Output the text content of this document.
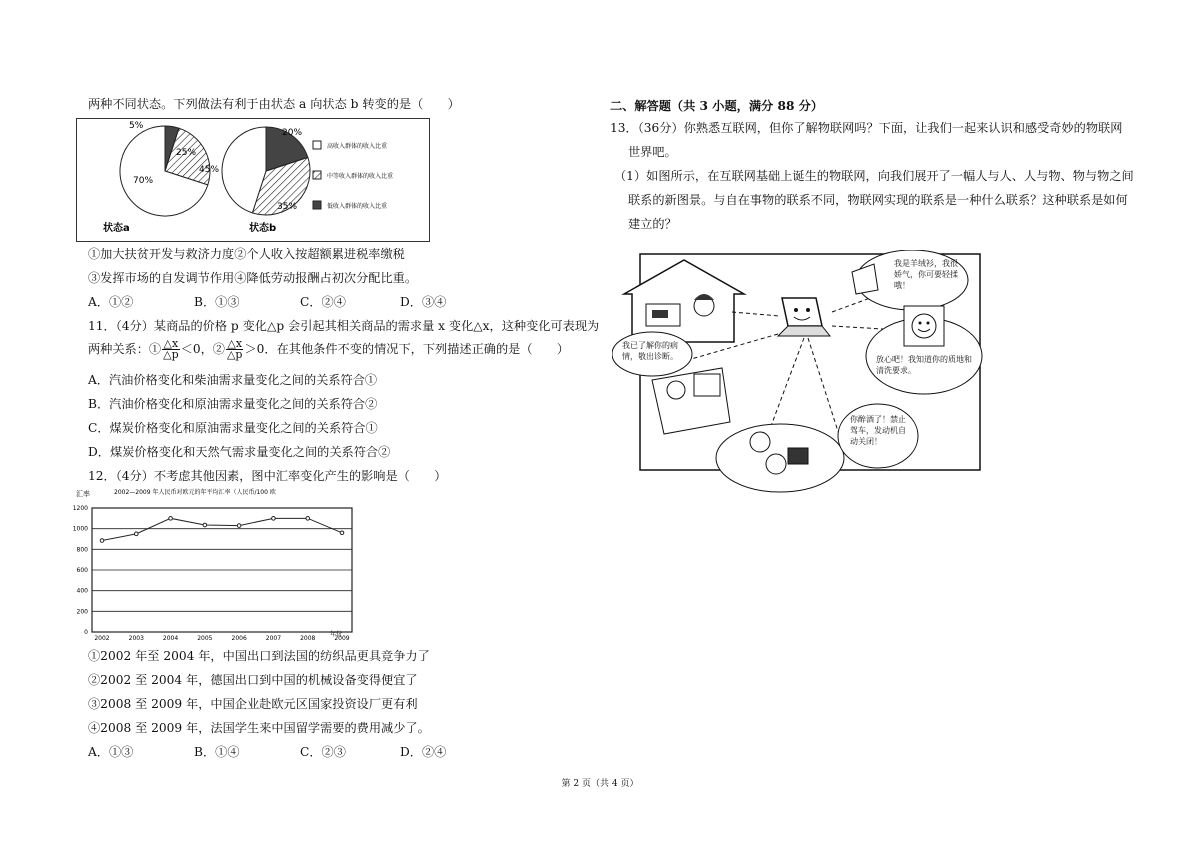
两种不同状态。下列做法有利于由状态 a 向状态 b 转变的是（　　）
70%
25%
5%
45%
35%
20%
状态a	状态b
高收入群体的收入比重
中等收入群体的收入比重
低收入群体的收入比重
①加大扶贫开发与救济力度②个人收入按超额累进税率缴税
③发挥市场的自发调节作用④降低劳动报酬占初次分配比重。
A．①②	B．①③	C．②④	D．③④
11．（4分）某商品的价格 p 变化△p 会引起其相关商品的需求量 x 变化△x，这种变化可表现为
两种关系：① $\frac{\triangle x}{\triangle p} <0$，② $\frac{\triangle x}{\triangle p} >0$．在其他条件不变的情况下，下列描述正确的是（　　）
A．汽油价格变化和柴油需求量变化之间的关系符合①
B．汽油价格变化和原油需求量变化之间的关系符合②
C．煤炭价格变化和原油需求量变化之间的关系符合①
D．煤炭价格变化和天然气需求量变化之间的关系符合②
12．（4分）不考虑其他因素，图中汇率变化产生的影响是（　　）
汇率	2002—2009 年人民币对欧元的年平均汇率（人民币/100 欧
年份
0
200
400
600
800
1000
1200
2002	2003	2004	2005	2006	2007	2008	2009
①2002 年至 2004 年，中国出口到法国的纺织品更具竞争力了
②2002 至 2004 年，德国出口到中国的机械设备变得便宜了
③2008 至 2009 年，中国企业赴欧元区国家投资设厂更有利
④2008 至 2009 年，法国学生来中国留学需要的费用减少了。
A．①③	B．①④	C．②③	D．②④
二、解答题（共 3 小题，满分 88 分）
13．（36分）你熟悉互联网，但你了解物联网吗？下面，让我们一起来认识和感受奇妙的物联网
世界吧。
（1）如图所示，在互联网基础上诞生的物联网，向我们展开了一幅人与人、人与物、物与物之间
联系的新图景。与自在事物的联系不同，物联网实现的联系是一种什么联系？这种联系是如何
建立的？
我是羊绒衫，我很娇气，你可要轻揉哦！
放心吧！我知道你的质地和清洗要求。
我已了解你的病情，敬出诊断。
你醉酒了！禁止驾车，发动机自动关闭！
第 2 页（共 4 页）
